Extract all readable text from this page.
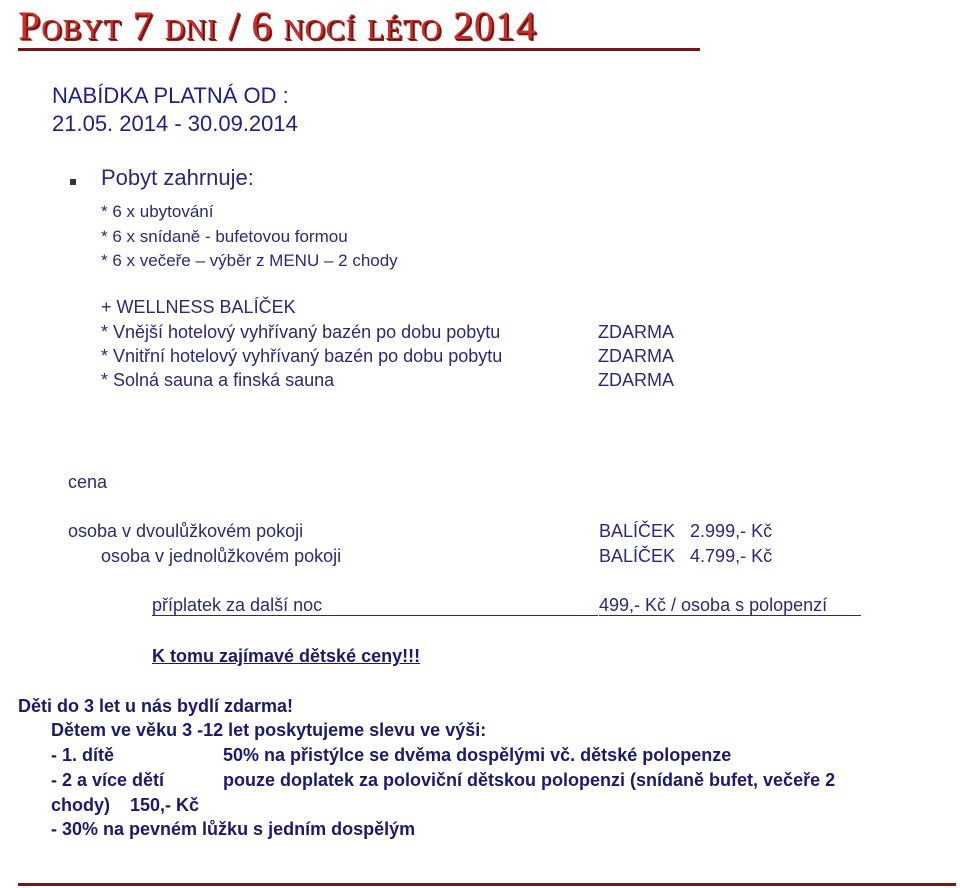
Pobyt 7 dni / 6 nocí léto 2014
NABÍDKA PLATNÁ OD :
21.05. 2014 - 30.09.2014
Pobyt zahrnuje:
* 6 x ubytování
* 6 x snídaně - bufetovou formou
* 6 x večeře – výběr z MENU – 2 chody
+ WELLNESS BALÍČEK
* Vnější hotelový vyhřívaný bazén po dobu pobytu	ZDARMA
* Vnitřní hotelový vyhřívaný bazén po dobu pobytu	ZDARMA
* Solná sauna a finská sauna	ZDARMA
cena
osoba v dvoulůžkovém pokoji	BALÍČEK   2.999,- Kč
osoba v jednolůžkovém pokoji	BALÍČEK   4.799,- Kč
příplatek za další noc	499,- Kč / osoba s polopenzí
K tomu zajímavé dětské ceny!!!
Děti do 3 let u nás bydlí zdarma!
Dětem ve věku 3 -12 let poskytujeme slevu ve výši:
- 1. dítě	50% na přistýlce se dvěma dospělými vč. dětské polopenze
- 2 a více dětí	pouze doplatek za poloviční dětskou polopenzi (snídaně bufet, večeře 2
chody)    150,- Kč
- 30% na pevném lůžku s jedním dospělým
